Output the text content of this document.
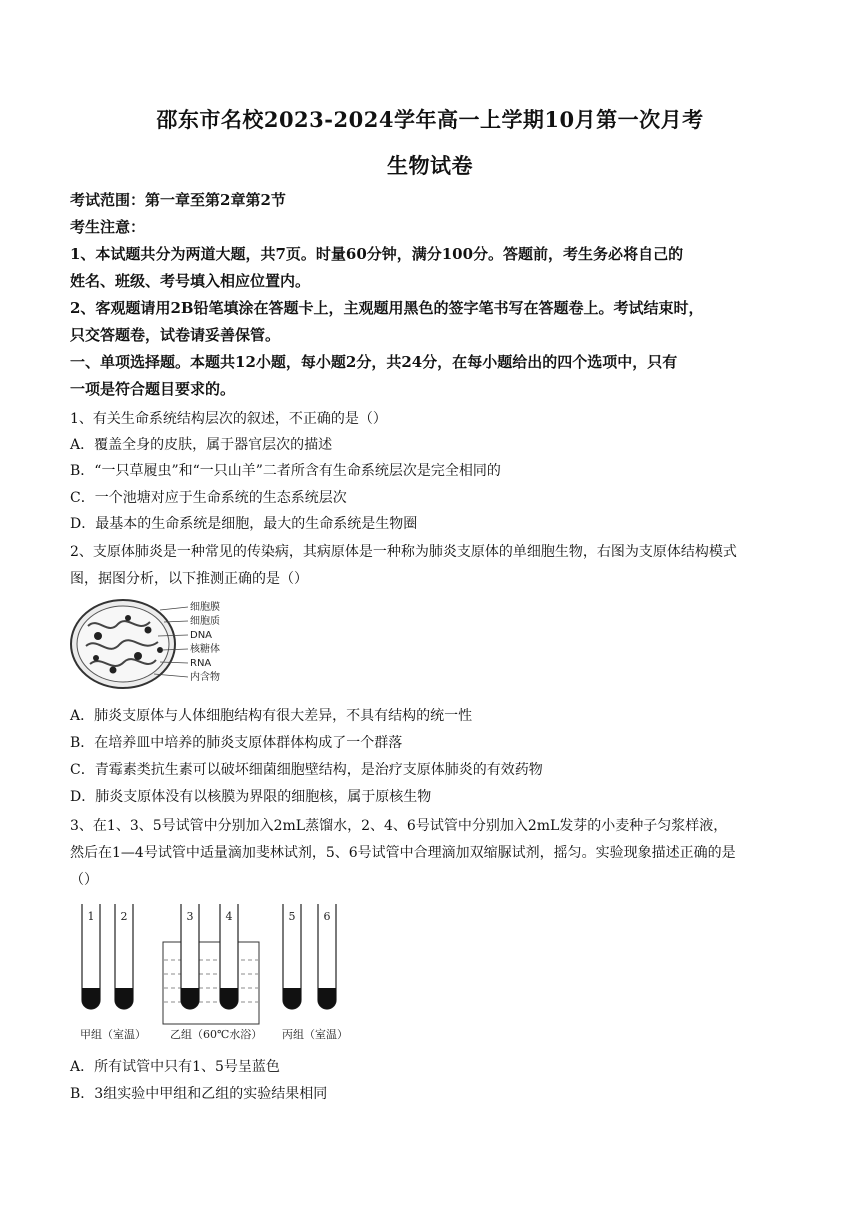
邵东市名校2023-2024学年高一上学期10月第一次月考
生物试卷
考试范围：第一章至第2章第2节
考生注意：
1、本试题共分为两道大题，共7页。时量60分钟，满分100分。答题前，考生务必将自己的
姓名、班级、考号填入相应位置内。
2、客观题请用2B铅笔填涂在答题卡上，主观题用黑色的签字笔书写在答题卷上。考试结束时，
只交答题卷，试卷请妥善保管。
一、单项选择题。本题共12小题，每小题2分，共24分，在每小题给出的四个选项中，只有
一项是符合题目要求的。
1、有关生命系统结构层次的叙述，不正确的是（）
A．覆盖全身的皮肤，属于器官层次的描述
B．“一只草履虫”和“一只山羊”二者所含有生命系统层次是完全相同的
C．一个池塘对应于生命系统的生态系统层次
D．最基本的生命系统是细胞，最大的生命系统是生物圈
2、支原体肺炎是一种常见的传染病，其病原体是一种称为肺炎支原体的单细胞生物，右图为支原体结构模式
图，据图分析，以下推测正确的是（）
细胞膜
细胞质
DNA
核糖体
RNA
内含物
A．肺炎支原体与人体细胞结构有很大差异，不具有结构的统一性
B．在培养皿中培养的肺炎支原体群体构成了一个群落
C．青霉素类抗生素可以破坏细菌细胞壁结构，是治疗支原体肺炎的有效药物
D．肺炎支原体没有以核膜为界限的细胞核，属于原核生物
3、在1、3、5号试管中分别加入2mL蒸馏水，2、4、6号试管中分别加入2mL发芽的小麦种子匀浆样液，
然后在1—4号试管中适量滴加斐林试剂，5、6号试管中合理滴加双缩脲试剂，摇匀。实验现象描述正确的是
（）
1 2	3	4	5	6
甲组（室温） 乙组（60℃水浴） 丙组（室温）
A．所有试管中只有1、5号呈蓝色
B．3组实验中甲组和乙组的实验结果相同
